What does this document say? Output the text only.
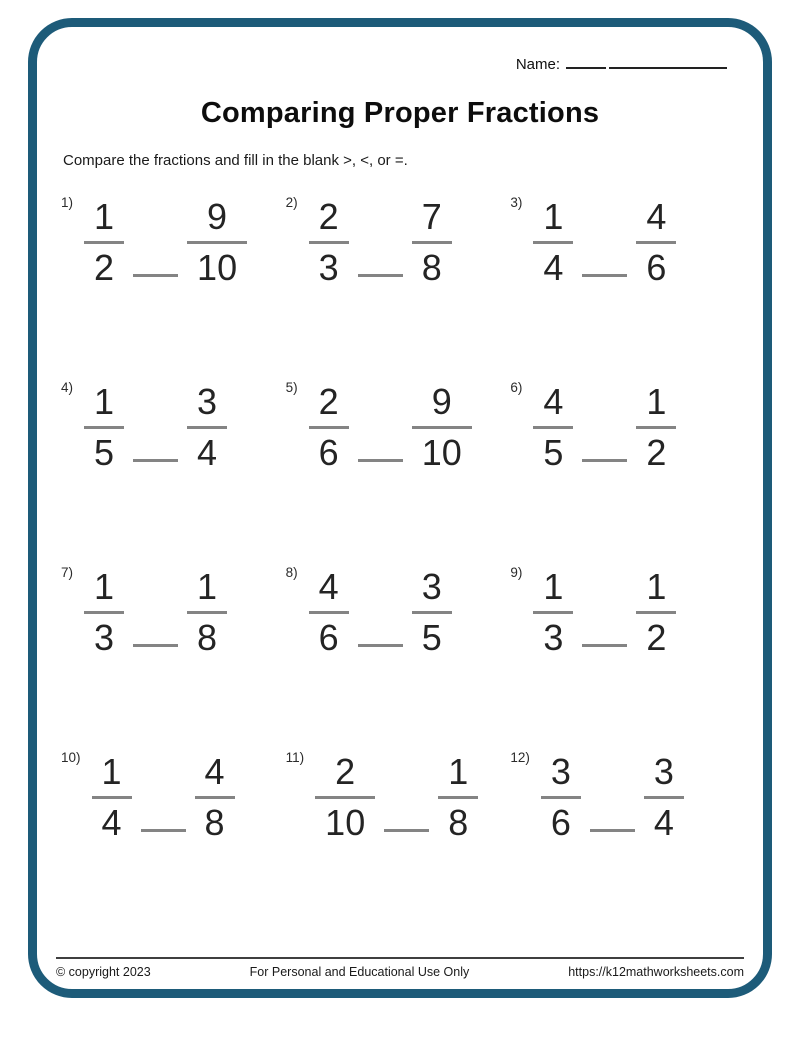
Name:
Comparing Proper Fractions
Compare the fractions and fill in the blank >, <, or =.
$1) \frac{1}{2} \frac{9}{10}$	$2) \frac{2}{3} \frac{7}{8}$	$3) \frac{1}{4} \frac{4}{6}$
$4) \frac{1}{5} \frac{3}{4}$	$5) \frac{2}{6} \frac{9}{10}$	$6) \frac{4}{5} \frac{1}{2}$
$7) \frac{1}{3} \frac{1}{8}$	$8) \frac{4}{6} \frac{3}{5}$	$9) \frac{1}{3} \frac{1}{2}$
$10) \frac{1}{4} \frac{4}{8}$	$11) \frac{2}{10} \frac{1}{8} 12) \frac{3}{6} \frac{3}{4}$
© copyright 2023	For Personal and Educational Use Only	https://k12mathworksheets.com
